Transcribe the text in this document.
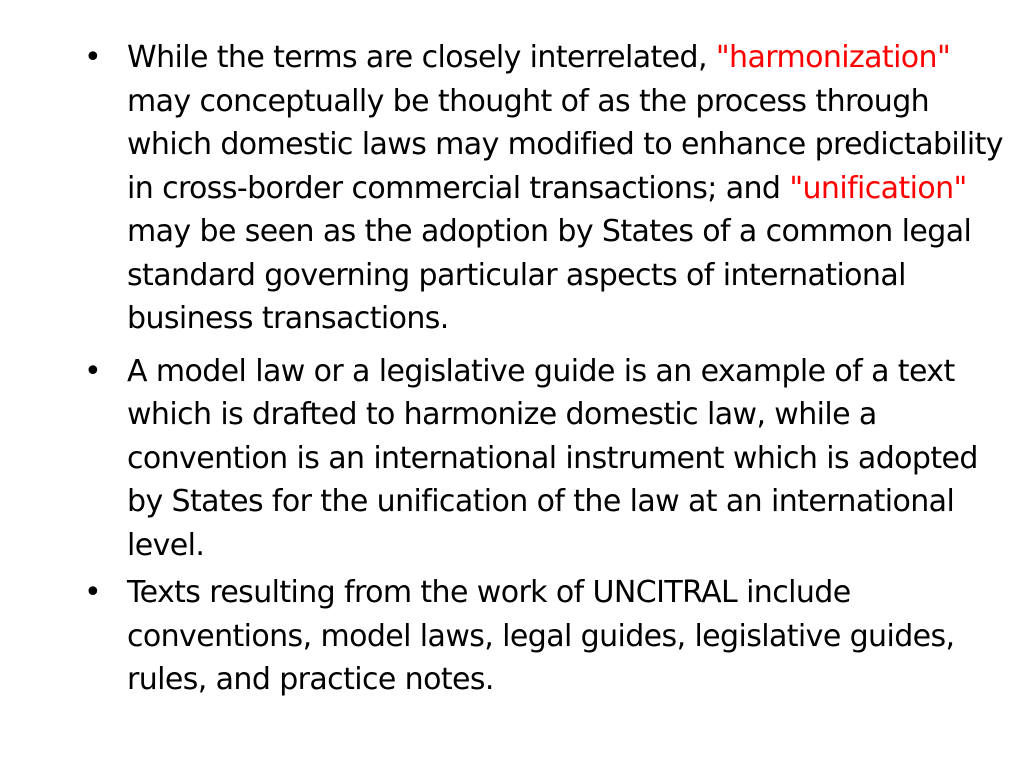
• While the terms are closely interrelated, "harmonization" may conceptually be thought of as the process through which domestic laws may modified to enhance predictability in cross-border commercial transactions; and "unification" may be seen as the adoption by States of a common legal standard governing particular aspects of international business transactions.
• A model law or a legislative guide is an example of a text which is drafted to harmonize domestic law, while a convention is an international instrument which is adopted by States for the unification of the law at an international level.
• Texts resulting from the work of UNCITRAL include conventions, model laws, legal guides, legislative guides, rules, and practice notes.
